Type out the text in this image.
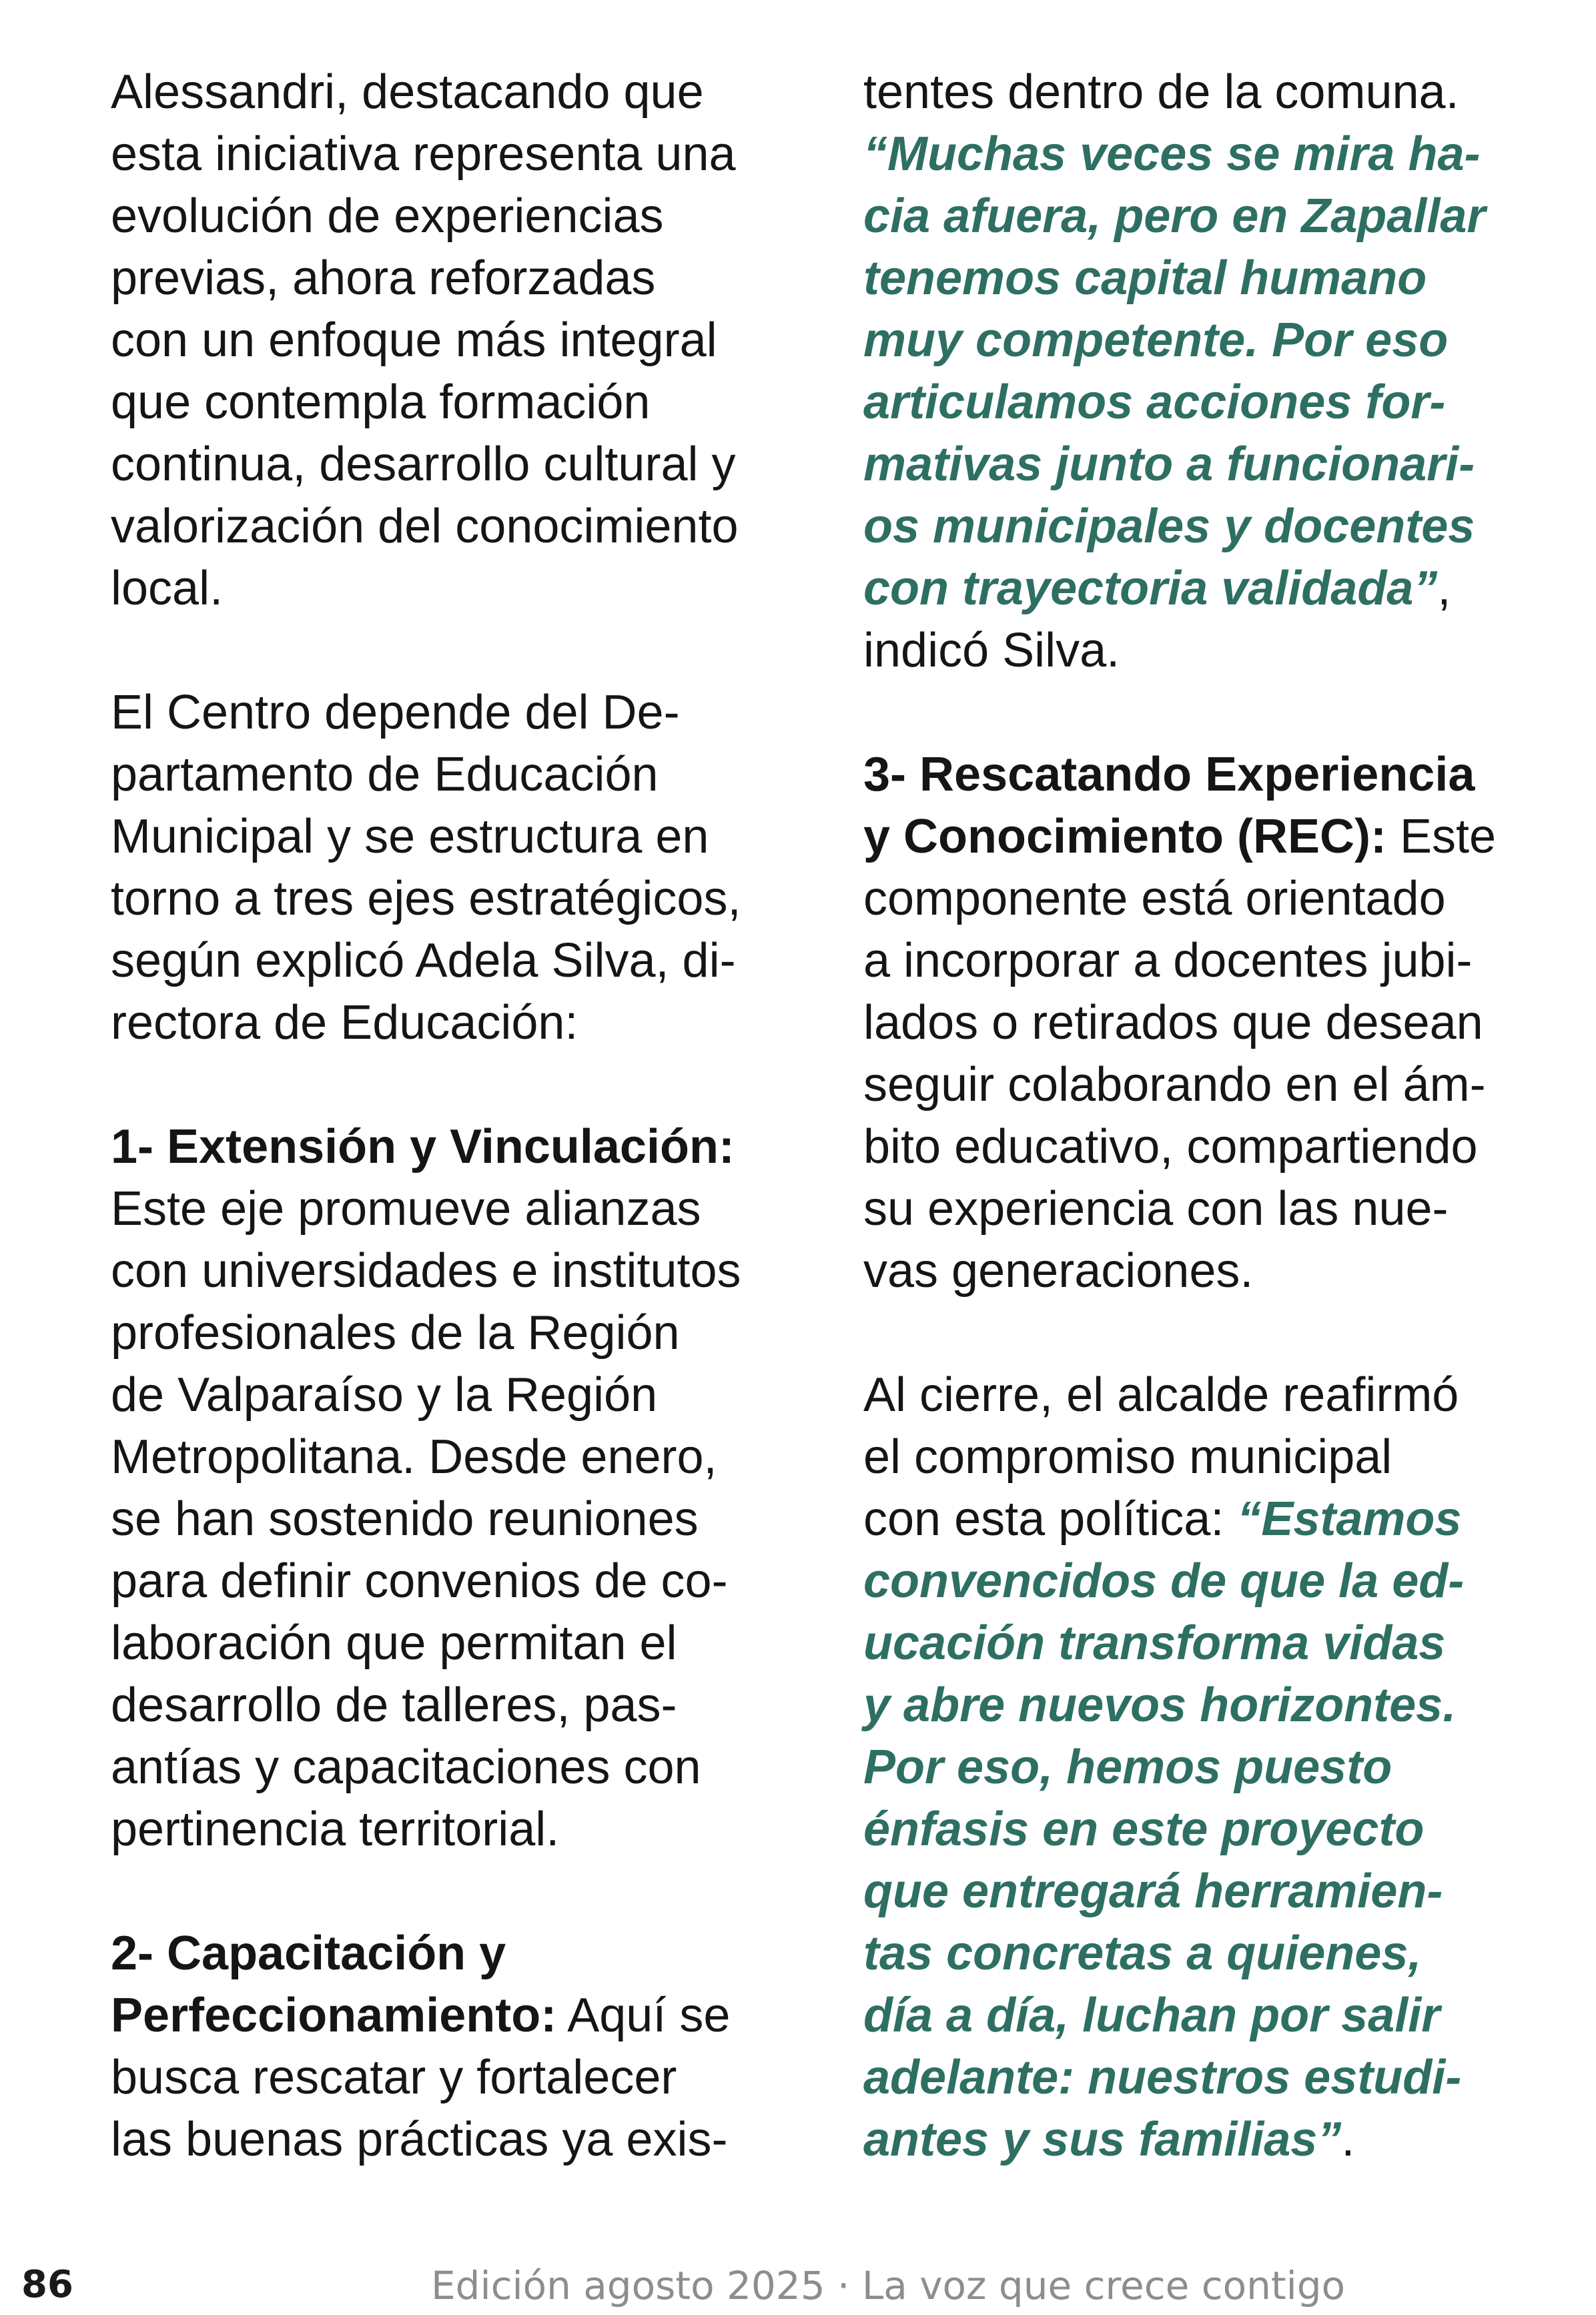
Alessandri, destacando que
esta iniciativa representa una
evolución de experiencias
previas, ahora reforzadas
con un enfoque más integral
que contempla formación
continua, desarrollo cultural y
valorización del conocimiento
local.
El Centro depende del De-
partamento de Educación
Municipal y se estructura en
torno a tres ejes estratégicos,
según explicó Adela Silva, di-
rectora de Educación:
1- Extensión y Vinculación:
Este eje promueve alianzas
con universidades e institutos
profesionales de la Región
de Valparaíso y la Región
Metropolitana. Desde enero,
se han sostenido reuniones
para definir convenios de co-
laboración que permitan el
desarrollo de talleres, pas-
antías y capacitaciones con
pertinencia territorial.
2- Capacitación y
Perfeccionamiento: Aquí se
busca rescatar y fortalecer
las buenas prácticas ya exis-
tentes dentro de la comuna.
“Muchas veces se mira ha-
cia afuera, pero en Zapallar
tenemos capital humano
muy competente. Por eso
articulamos acciones for-
mativas junto a funcionari-
os municipales y docentes
con trayectoria validada”,
indicó Silva.
3- Rescatando Experiencia
y Conocimiento (REC): Este
componente está orientado
a incorporar a docentes jubi-
lados o retirados que desean
seguir colaborando en el ám-
bito educativo, compartiendo
su experiencia con las nue-
vas generaciones.
Al cierre, el alcalde reafirmó
el compromiso municipal
con esta política: “Estamos
convencidos de que la ed-
ucación transforma vidas
y abre nuevos horizontes.
Por eso, hemos puesto
énfasis en este proyecto
que entregará herramien-
tas concretas a quienes,
día a día, luchan por salir
adelante: nuestros estudi-
antes y sus familias”.
86	Edición agosto 2025 · La voz que crece contigo
